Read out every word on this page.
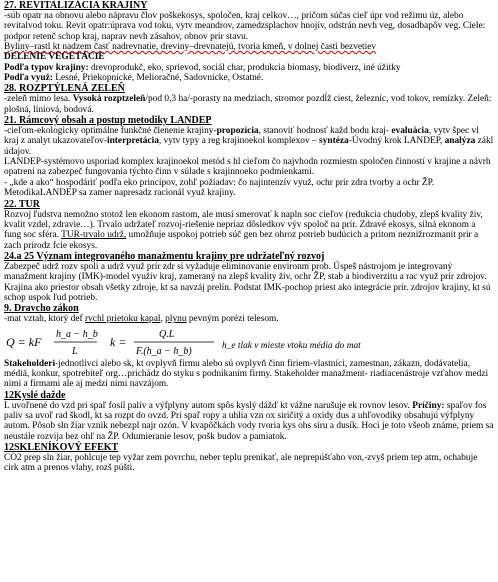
27. REVITALIZÁCIA KRAJINY

-súb opatr na obnovu alebo nápravu člov poškekosys, spoločen, kraj celkov…, pričom súčas cieľ úpr vod režimu úz, alebo revitalvod toku. Revit opatr:úprava vod toku, vytv meandrov, zamedzsplachov hnojív, odstrán nevh veg, dosadbapôv veg. Ciele: podpor retenč schop kraj, naprav nevh zásahov, obnov prír stavu.

Byliny–rastl kt nadzem časť nadrevnatie, dreviny–drevnatejú, tvoria kmeň, v dolnej časti bezvetiev

DELENIE VEGETÁCIE

Podľa typov krajiny: drevoprodukč, eko, sprievod, sociál char, produkcia biomasy, biodiverz, iné úžitky

Podľa využ: Lesné, Priekopnícke, Melioračné, Sadovnícke, Ostatné.

28. ROZPTÝLENÁ ZELEŇ

-zeleň mimo lesa. Vysoká rozptzeleň/pod 0,3 ha/-porasty na medziach, stromor pozdĺž ciest, železníc, vod tokov, remízky. Zeleň: plošná, líniová, bodová.

21. Rámcový obsah a postup metodiky LANDEP

-cieľom-ekologicky optimálne funkčné členenie krajiny-propozícia, stanoviť hodnosť každ bodu kraj- evaluácia, vytv špec vl kraj z analyt ukazovateľov-interpretácia, vytv typy a reg krajinoekol komplexov – syntéza-Úvodný krok LANDEP, analýza zákl údajov.

LANDEP-systémovo usporiad komplex krajinoekol metód s hl cieľom čo najvhodn rozmiestn spoločen činností v krajine a návrh opatrení na zabezpeč fungovania týchto činn v súlade s krajinnoeko podmienkami.

- „kde a ako“ hospodáriť podľa eko princípov, zohľ požiadav: čo najintenzív využ, ochr prír zdra tvorby a ochr ŽP. MetodikaLANDEP sa zamer napresadz racionál využ krajiny.

22. TUR

Rozvoj ľudstva nemožno stotož len ekonom rastom, ale musí smerovať k napln soc cieľov (redukcia chudoby, zlepš kvality živ, kvalit vzdel, zdravie…). Trvalo udržateľ rozvoj-riešenie nepriaz dôsledkov výv spoloč na prír. Zdravé ekosys, silná ekonom a fung soc sféra. TUR-trvalo udrž, umožňuje uspokoj potrieb súč gen bez ohroz potrieb budúcich a pritom neznižrozmanit prír a zach prírodz fcie ekosys.

24.a 25 Význam integrovaného manažmentu krajiny pre udržateľný rozvoj

Zabezpeč udrž rozv spoli a udrž využ prír zdr si vyžaduje eliminovanie environm prob. Úspeš nástrojom je integrovaný manažment krajiny (IMK)-model využív kraj, zameraný na zlepš kvality živ, ochr ŽP, stab a biodiverzitu a rac využ prír zdrojov. Krajina ako priestor obsah všetky zdroje, kt sa navzáj prelín. Podstat IMK-pochop priest ako integrácie prír. zdrojov krajiny, kt sú schop uspok ľud potrieb.

9. Dravcho zákon

-mat vztah, ktorý def rvchl prietoku kapal, plynu pevným porézi telesom.

Q = kF
h_a − h_b
L
k =
Q.L
F.(h_a − h_b)	h_e tlak v mieste vtoku média do mat

Stakeholderi-jednotlivci alebo sk, kt ovplyvň firmu alebo sú ovplyvň činn firiem-vlastníci, zamestnan, zákazn, dodávatelia, médiá, konkur, spotrebiteľ org…prichádz do styku s podnikaním firmy. Stakeholder manažment- riadiacenástroje vzťahov medzi nimi a firmami ale aj medzi nimi navzájom.

12Kyslé dažde

L uvoľnené do vzd pri spaľ fosíl palív a výfplyny autom spôs kyslý dážď kt vážne narušuje ek rovnov lesov. Príčiny: spaľov fos palív sa uvoľ rad škodl, kt sa rozpt do ovzd. Pri spaľ ropy a uhlia vzn ox siričitý a oxidy dus a uhľovodíky obsahujú výfplyny autom. Pôsob sln žiar vznik nebezpl najr ozón. V kvapôčkách vody tvoria kys ohs siru a dusík. Hoci je toto všeob známe, priem sa neustále rozvija bez ohľ na ŽP. Odumieranie lesov, pošk budov a pamiatok.

12SKLENÍKOVÝ EFEKT

CO2 prep sln žiar, pohlcuje tep vyžar zem povrchu, neber teplu prenikať, ale neprepúšťaho von,-zvyš priem tep atm, ochabuje cirk atm a prenos vlahy, rozš púšti.
